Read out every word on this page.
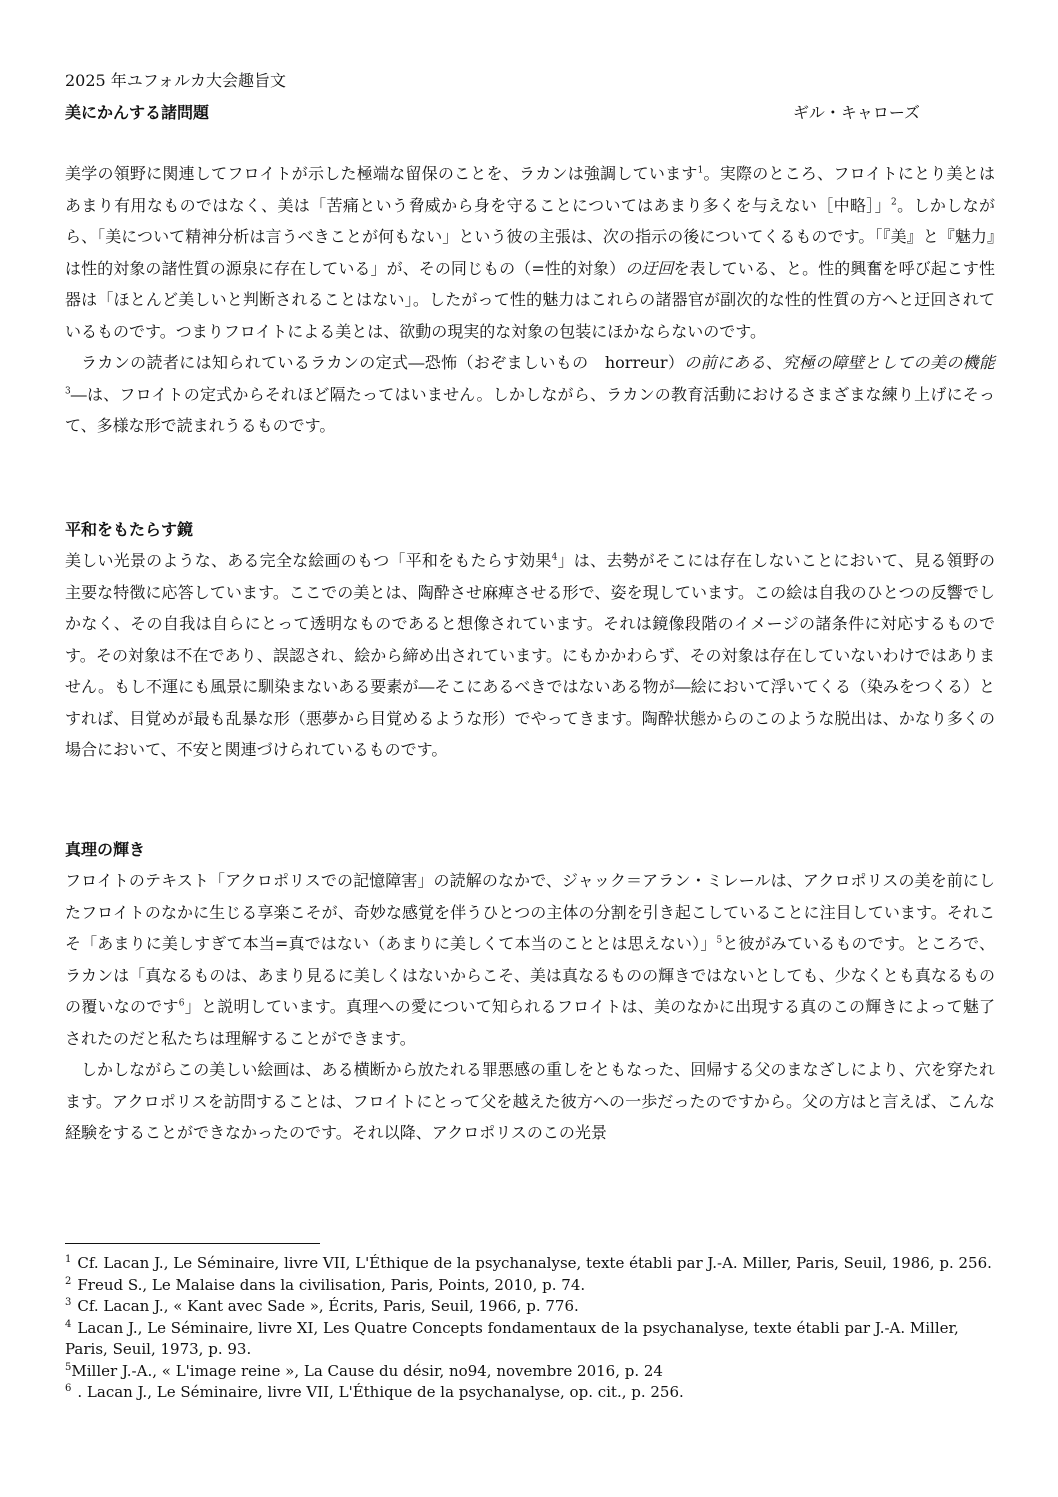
2025 年ユフォルカ大会趣旨文
美にかんする諸問題	ギル・キャローズ

美学の領野に関連してフロイトが示した極端な留保のことを、ラカンは強調しています$^1$。実際のところ、フロイトにとり美とはあまり有用なものではなく、美は「苦痛という脅威から身を守ることについてはあまり多くを与えない［中略］」$^2$。しかしながら、「美について精神分析は言うべきことが何もない」という彼の主張は、次の指示の後についてくるものです。「『美』と『魅力』は性的対象の諸性質の源泉に存在している」が、その同じもの（=性的対象）の迂回を表している、と。性的興奮を呼び起こす性器は「ほとんど美しいと判断されることはない」。したがって性的魅力はこれらの諸器官が副次的な性的性質の方へと迂回されているものです。つまりフロイトによる美とは、欲動の現実的な対象の包装にほかならないのです。

ラカンの読者には知られているラカンの定式―恐怖（おぞましいもの　horreur）の前にある、究極の障壁としての美の機能$^3$―は、フロイトの定式からそれほど隔たってはいません。しかしながら、ラカンの教育活動におけるさまざまな練り上げにそって、多様な形で読まれうるものです。

平和をもたらす鏡

美しい光景のような、ある完全な絵画のもつ「平和をもたらす効果$^4$」は、去勢がそこには存在しないことにおいて、見る領野の主要な特徴に応答しています。ここでの美とは、陶酔させ麻痺させる形で、姿を現しています。この絵は自我のひとつの反響でしかなく、その自我は自らにとって透明なものであると想像されています。それは鏡像段階のイメージの諸条件に対応するものです。その対象は不在であり、誤認され、絵から締め出されています。にもかかわらず、その対象は存在していないわけではありません。もし不運にも風景に馴染まないある要素が―そこにあるべきではないある物が―絵において浮いてくる（染みをつくる）とすれば、目覚めが最も乱暴な形（悪夢から目覚めるような形）でやってきます。陶酔状態からのこのような脱出は、かなり多くの場合において、不安と関連づけられているものです。

真理の輝き

フロイトのテキスト「アクロポリスでの記憶障害」の読解のなかで、ジャック＝アラン・ミレールは、アクロポリスの美を前にしたフロイトのなかに生じる享楽こそが、奇妙な感覚を伴うひとつの主体の分割を引き起こしていることに注目しています。それこそ「あまりに美しすぎて本当=真ではない（あまりに美しくて本当のこととは思えない）」$^5$と彼がみているものです。ところで、ラカンは「真なるものは、あまり見るに美しくはないからこそ、美は真なるものの輝きではないとしても、少なくとも真なるものの覆いなのです$^6$」と説明しています。真理への愛について知られるフロイトは、美のなかに出現する真のこの輝きによって魅了されたのだと私たちは理解することができます。

しかしながらこの美しい絵画は、ある横断から放たれる罪悪感の重しをともなった、回帰する父のまなざしにより、穴を穿たれます。アクロポリスを訪問することは、フロイトにとって父を越えた彼方への一歩だったのですから。父の方はと言えば、こんな経験をすることができなかったのです。それ以降、アクロポリスのこの光景

$^1$ Cf. Lacan J., Le Séminaire, livre VII, L'Éthique de la psychanalyse, texte établi par J.-A. Miller, Paris, Seuil, 1986, p. 256.

$^2$ Freud S., Le Malaise dans la civilisation, Paris, Points, 2010, p. 74.

$^3$ Cf. Lacan J., « Kant avec Sade », Écrits, Paris, Seuil, 1966, p. 776.

$^4$ Lacan J., Le Séminaire, livre XI, Les Quatre Concepts fondamentaux de la psychanalyse, texte établi par J.-A. Miller, Paris, Seuil, 1973, p. 93.

$^5$Miller J.-A., « L'image reine », La Cause du désir, no94, novembre 2016, p. 24

$^6$ . Lacan J., Le Séminaire, livre VII, L'Éthique de la psychanalyse, op. cit., p. 256.
